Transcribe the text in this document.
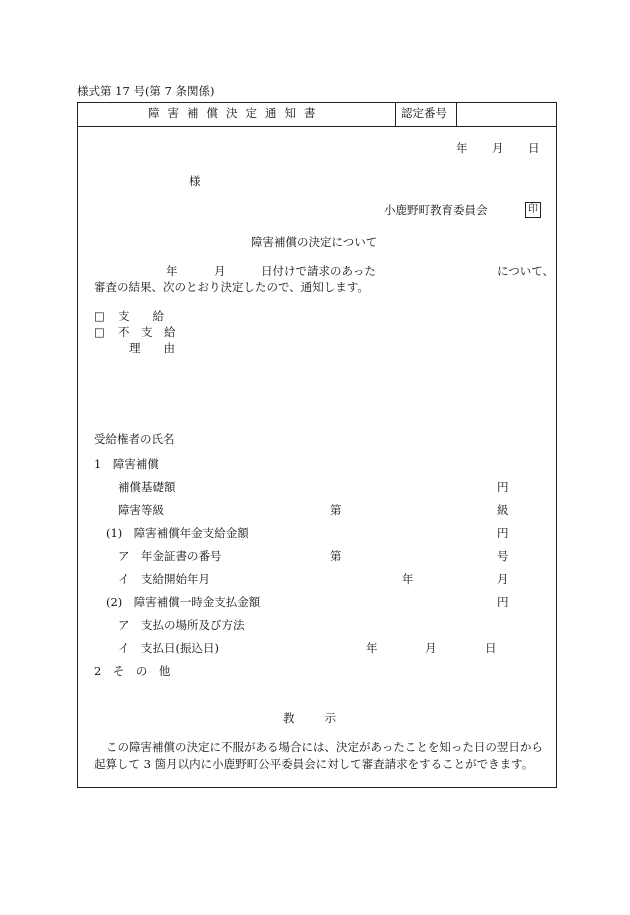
様式第 17 号(第 7 条関係)
障害補償決定通知書	認定番号
年 月 日
様
小鹿野町教育委員会	印
障害補償の決定について
年	月	日付けで請求のあった	について、
審査の結果、次のとおり決定したので、通知します。
□ 支　　給
□ 不　支　給
理　　由
受給権者の氏名
1　障害補償
補償基礎額	円
障害等級	第	級
(1)　障害補償年金支給金額	円
ア　年金証書の番号	第	号
イ　支給開始年月	年	月
(2)　障害補償一時金支払金額	円
ア　支払の場所及び方法
イ　支払日(振込日)	年	月	日
2　そ　の　他
教示
この障害補償の決定に不服がある場合には、決定があったことを知った日の翌日から
起算して 3 箇月以内に小鹿野町公平委員会に対して審査請求をすることができます。
